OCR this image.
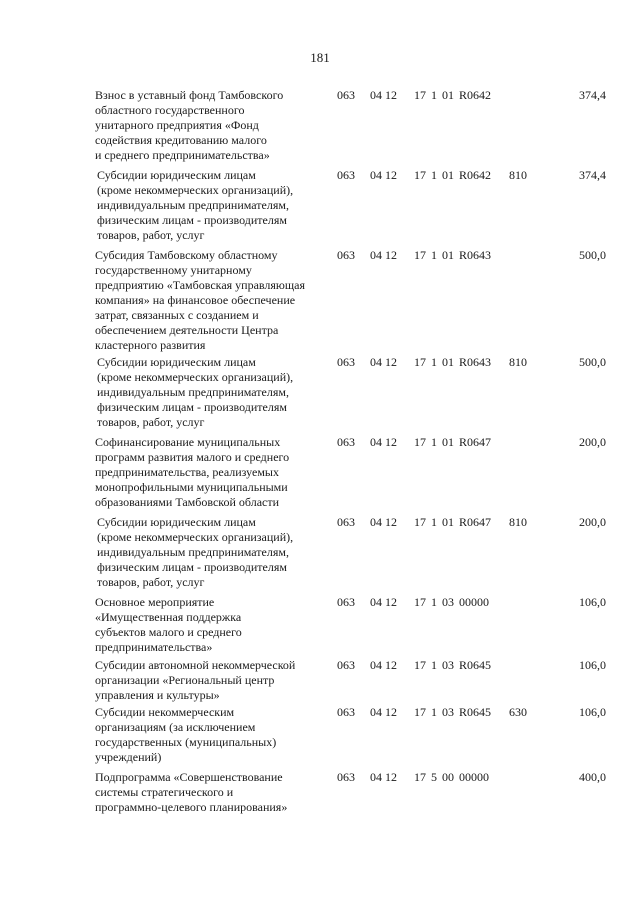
181
Взнос в уставный фонд Тамбовского
областного государственного
унитарного предприятия «Фонд
содействия кредитованию малого
и среднего предпринимательства»
063 04 12 17 1 01 R0642	374,4
Субсидии юридическим лицам
(кроме некоммерческих организаций),
индивидуальным предпринимателям,
физическим лицам - производителям
товаров, работ, услуг
063 04 12 17 1 01 R0642 810	374,4
Субсидия Тамбовскому областному
государственному унитарному
предприятию «Тамбовская управляющая
компания» на финансовое обеспечение
затрат, связанных с созданием и
обеспечением деятельности Центра
кластерного развития
063 04 12 17 1 01 R0643	500,0
Субсидии юридическим лицам
(кроме некоммерческих организаций),
индивидуальным предпринимателям,
физическим лицам - производителям
товаров, работ, услуг
063 04 12 17 1 01 R0643 810	500,0
Софинансирование муниципальных
программ развития малого и среднего
предпринимательства, реализуемых
монопрофильными муниципальными
образованиями Тамбовской области
063 04 12 17 1 01 R0647	200,0
Субсидии юридическим лицам
(кроме некоммерческих организаций),
индивидуальным предпринимателям,
физическим лицам - производителям
товаров, работ, услуг
063 04 12 17 1 01 R0647 810	200,0
Основное мероприятие
«Имущественная поддержка
субъектов малого и среднего
предпринимательства»
063 04 12 17 1 03 00000	106,0
Субсидии автономной некоммерческой
организации «Региональный центр
управления и культуры»
063 04 12 17 1 03 R0645	106,0
Субсидии некоммерческим
организациям (за исключением
государственных (муниципальных)
учреждений)
063 04 12 17 1 03 R0645 630	106,0
Подпрограмма «Совершенствование
системы стратегического и
программно-целевого планирования»
063 04 12 17 5 00 00000	400,0
